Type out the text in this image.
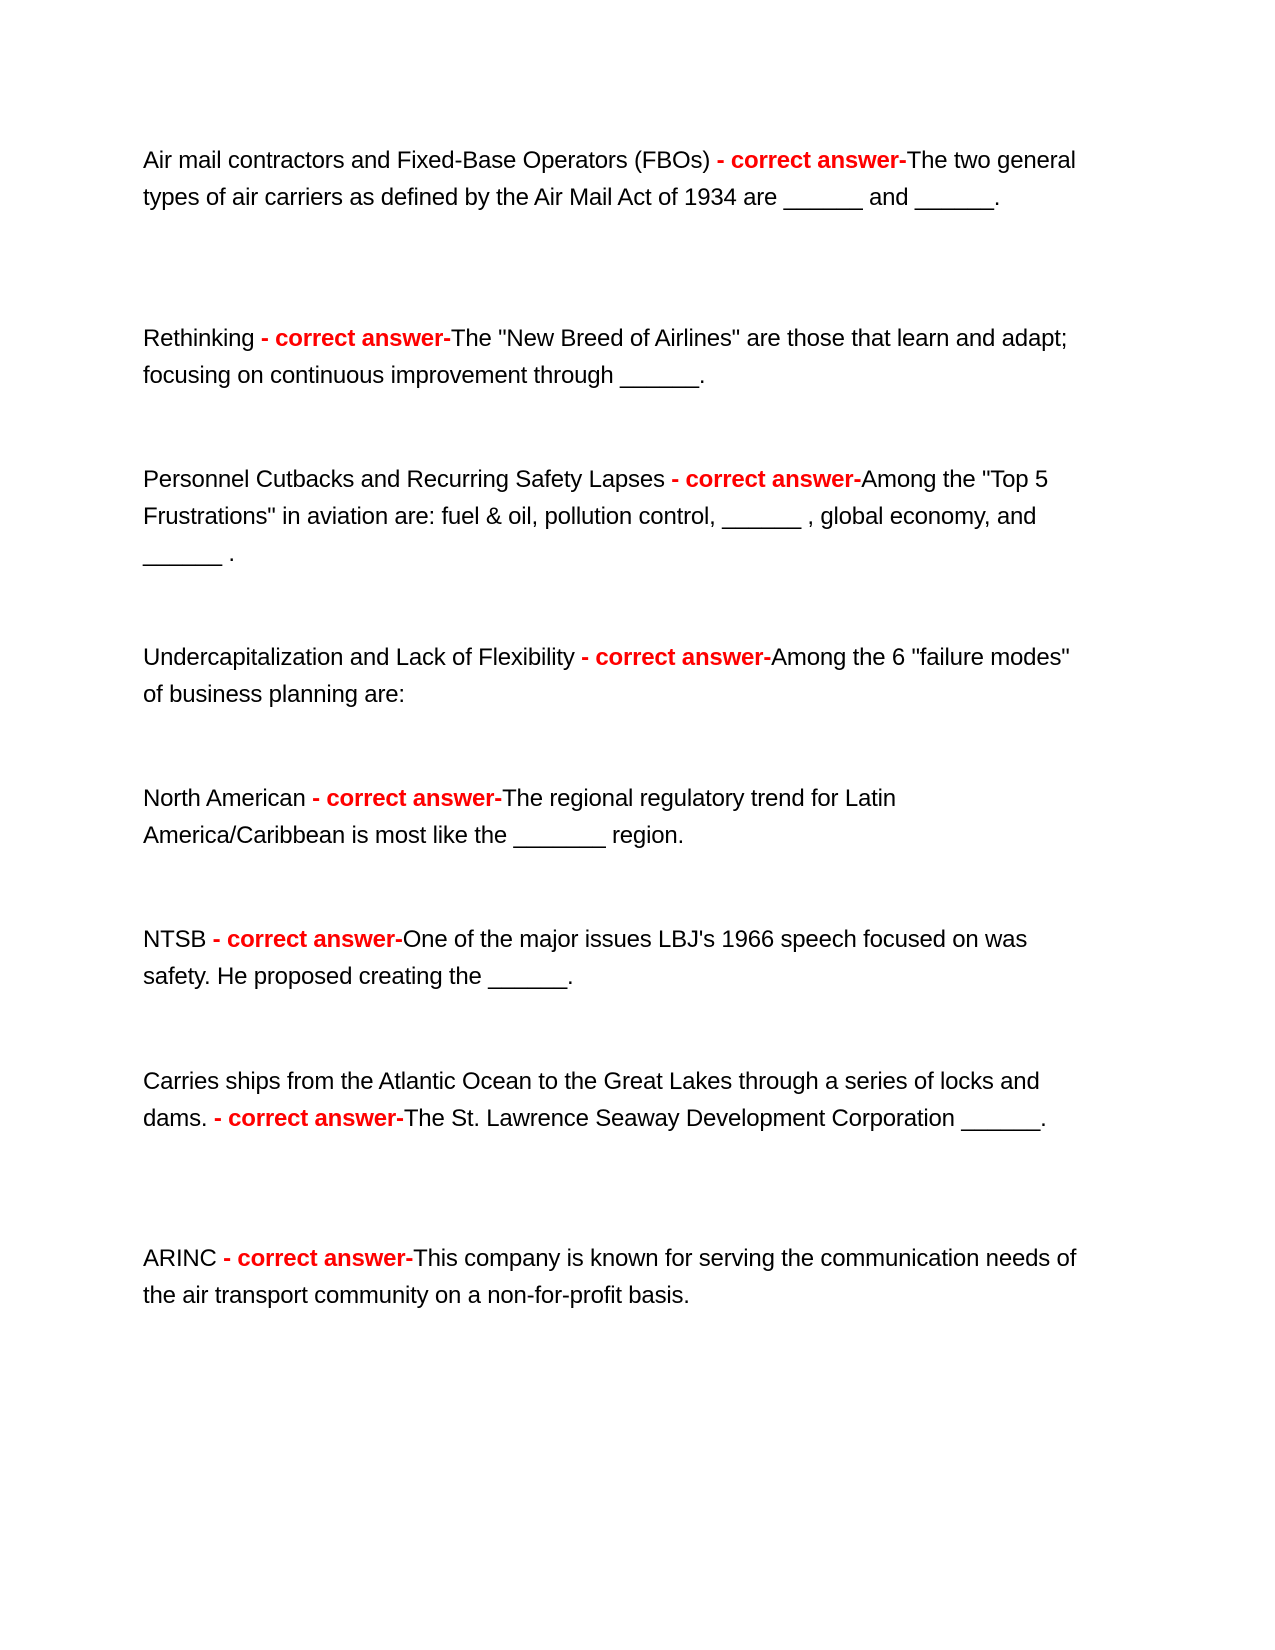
Air mail contractors and Fixed-Base Operators (FBOs) - correct answer-The two general types of air carriers as defined by the Air Mail Act of 1934 are ______ and ______.
Rethinking - correct answer-The "New Breed of Airlines" are those that learn and adapt; focusing on continuous improvement through ______.
Personnel Cutbacks and Recurring Safety Lapses - correct answer-Among the "Top 5 Frustrations" in aviation are: fuel & oil, pollution control, ______ , global economy, and ______ .
Undercapitalization and Lack of Flexibility - correct answer-Among the 6 "failure modes" of business planning are:
North American - correct answer-The regional regulatory trend for Latin America/Caribbean is most like the _______ region.
NTSB - correct answer-One of the major issues LBJ's 1966 speech focused on was safety. He proposed creating the ______.
Carries ships from the Atlantic Ocean to the Great Lakes through a series of locks and dams. - correct answer-The St. Lawrence Seaway Development Corporation ______.
ARINC - correct answer-This company is known for serving the communication needs of the air transport community on a non-for-profit basis.
